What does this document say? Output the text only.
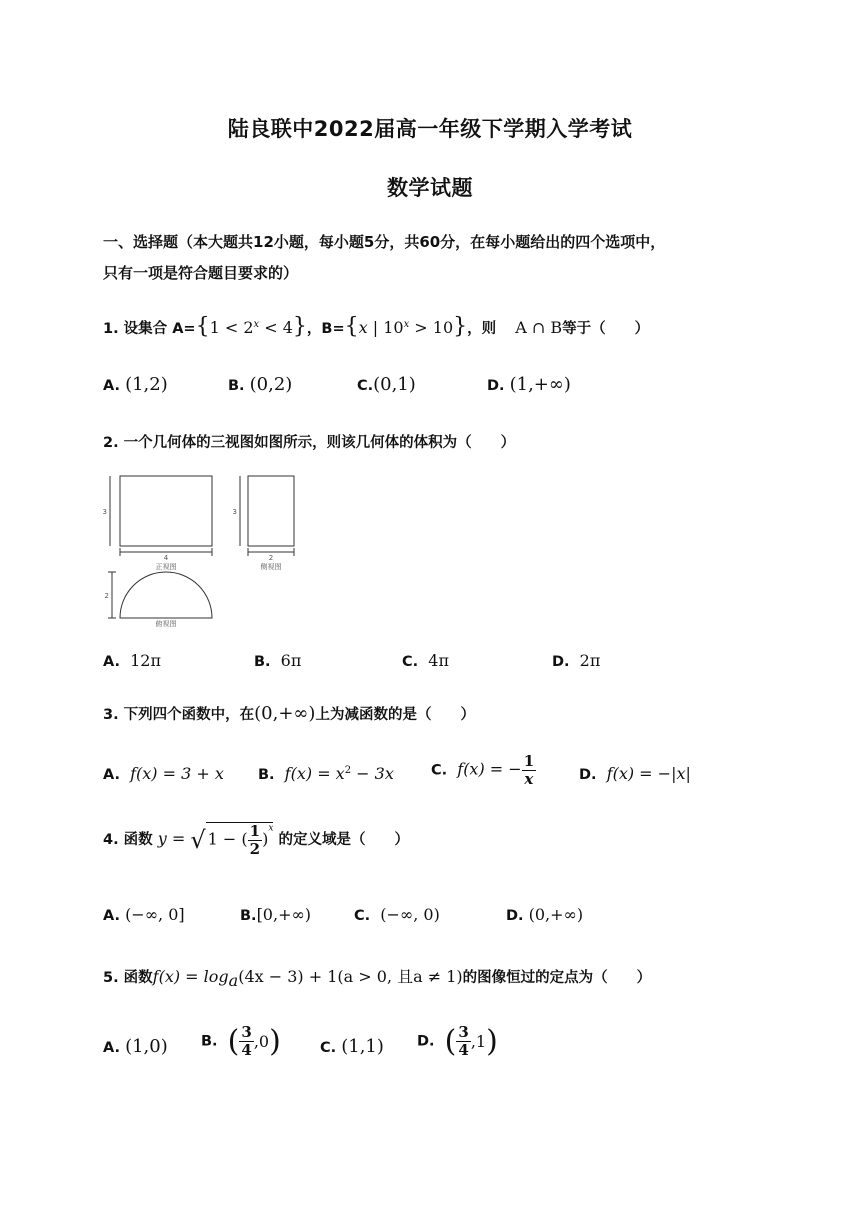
陆良联中2022届高一年级下学期入学考试
数学试题
一、选择题（本大题共12小题，每小题5分，共60分，在每小题给出的四个选项中，
只有一项是符合题目要求的）
1. 设集合 $A=\{1 < 2^x < 4\}$，B={x | $10^x > 10$}，则 A ∩ B等于（　　）
A. (1,2)	B. (0,2)	C.(0,1)	D. (1,+∞)
2. 一个几何体的三视图如图所示，则该几何体的体积为（　　）
3
4
正视图
3
2
侧视图
2
俯视图
A. 12π	B. 6π	C. 4π	D. 2π
3. 下列四个函数中，在(0,+∞)上为减函数的是（　　）
A. f(x) = 3 + x B. $f(x) = x^2 - 3x$	C. f(x) = − $\frac{1}{x}$	D. f(x) = −|x|
4. 函数 y = √ 1 − ( $\frac{1}{2} )^x$ 的定义域是（　　）
A. (−∞, 0]	B.[0,+∞)	C. (−∞, 0)	D. (0,+∞)
5. 函数$f(x) = \log_a(4x - 3) + 1(a > 0$, 且a ≠ 1)的图像恒过的定点为（　　）
A. (1,0) B. ( $\frac{3}{4} ,0$)	C. (1,1) D. ( $\frac{3}{4} ,1$)
